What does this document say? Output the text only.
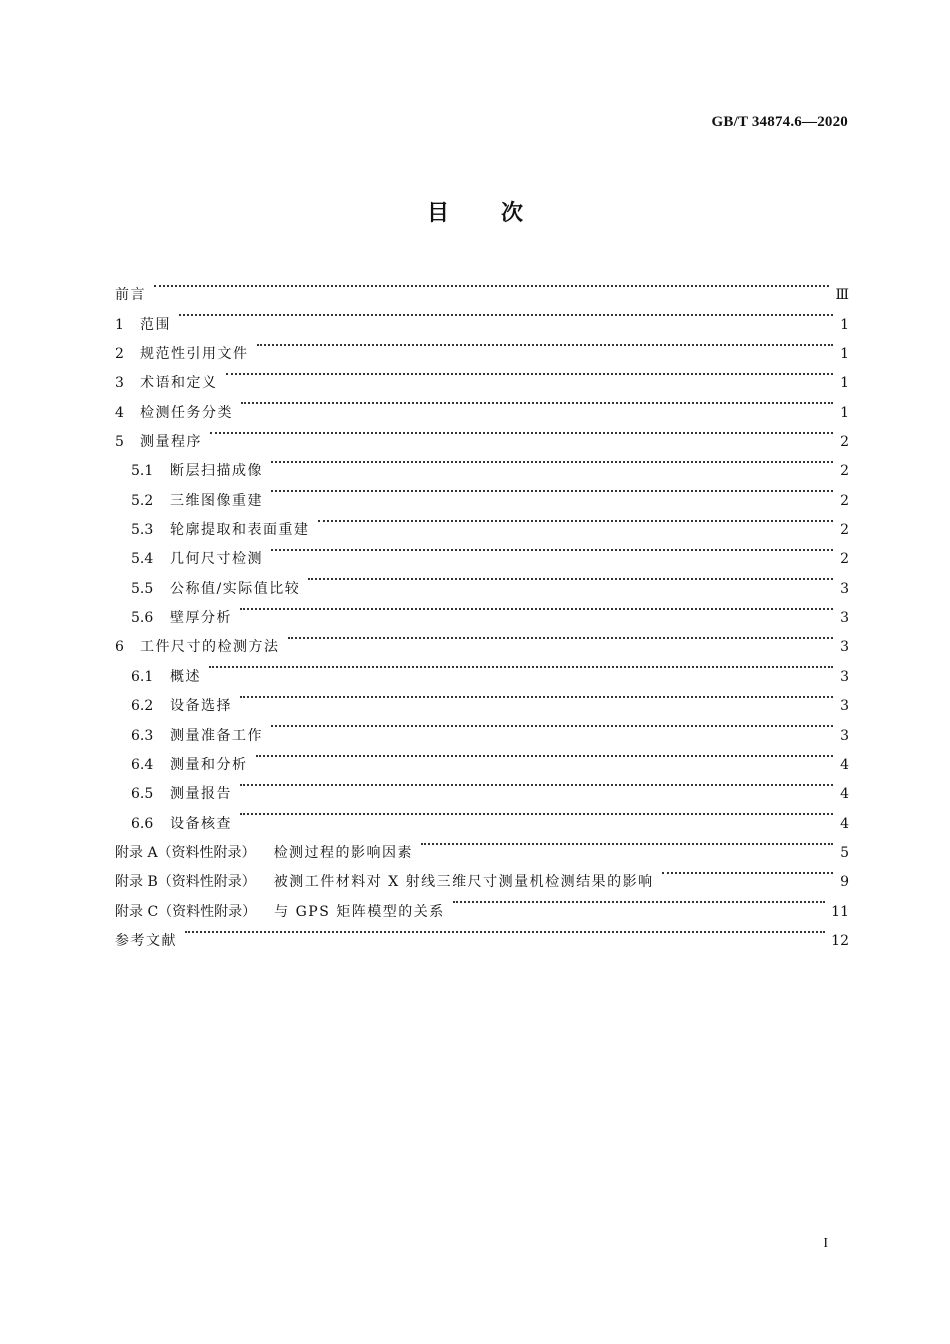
GB/T 34874.6—2020
目次
前言	Ⅲ
1	范围	1
2	规范性引用文件	1
3	术语和定义	1
4	检测任务分类	1
5	测量程序	2
5.1	断层扫描成像	2
5.2	三维图像重建	2
5.3	轮廓提取和表面重建	2
5.4	几何尺寸检测	2
5.5	公称值/实际值比较	3
5.6	壁厚分析	3
6	工件尺寸的检测方法	3
6.1	概述	3
6.2	设备选择	3
6.3	测量准备工作	3
6.4	测量和分析	4
6.5	测量报告	4
6.6	设备核查	4
附录 A（资料性附录） 检测过程的影响因素	5
附录 B（资料性附录） 被测工件材料对 X 射线三维尺寸测量机检测结果的影响	9
附录 C（资料性附录） 与 GPS 矩阵模型的关系	11
参考文献	12
I
